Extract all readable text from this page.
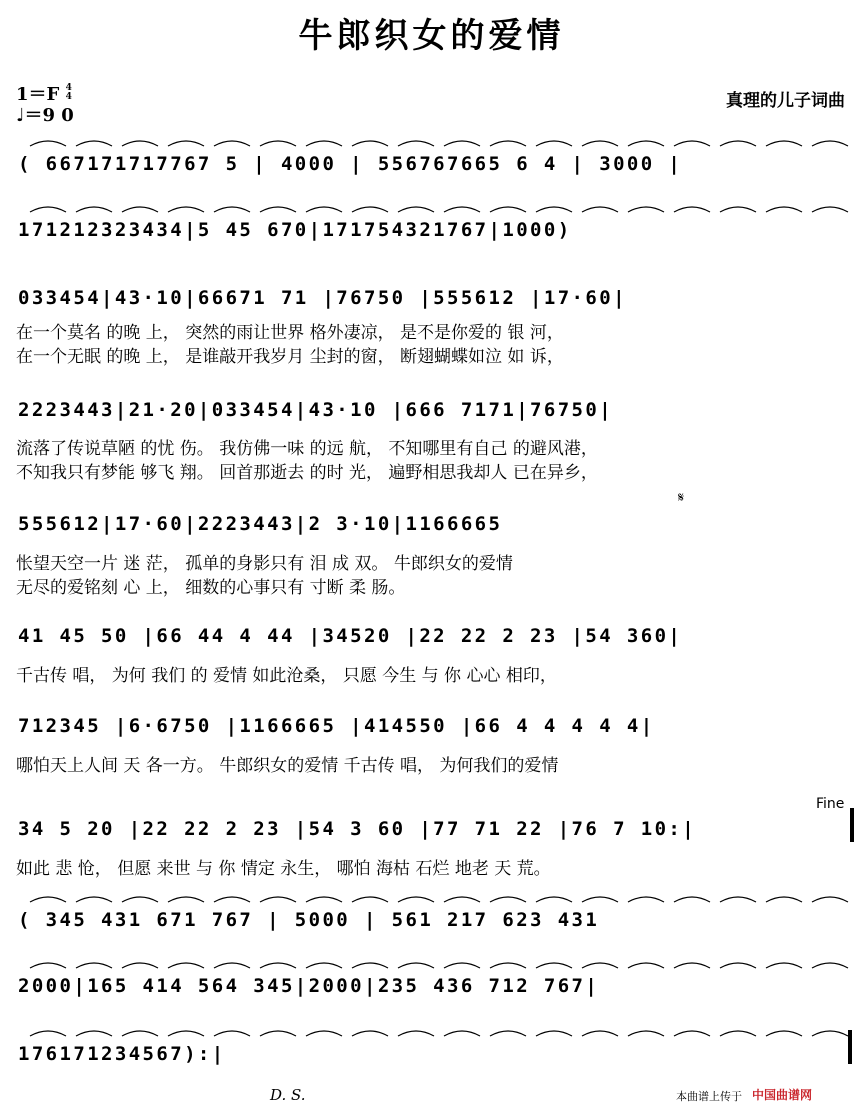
牛郎织女的爱情
1＝F 4
4
♩＝9 0
真理的儿子词曲
( 667171717767 5 | 4000 | 556767665 6 4 | 3000 |
171212323434|5 45 670|171754321767|1000)
033454|43·10|66671 71 |76750 |555612 |17·60|
在一个莫名 的晚 上， 突然的雨让世界 格外凄凉， 是不是你爱的 银 河，
在一个无眠 的晚 上， 是谁敲开我岁月 尘封的窗， 断翅蝴蝶如泣 如 诉，
2223443|21·20|033454|43·10 |666 7171|76750|
流落了传说草陋 的忧 伤。 我仿佛一味 的远 航， 不知哪里有自己 的避风港，
不知我只有梦能 够飞 翔。 回首那逝去 的时 光， 遍野相思我却人 已在异乡，
𝄋
555612|17·60|2223443|2 3·10|1166665
怅望天空一片 迷 茫， 孤单的身影只有 泪 成 双。 牛郎织女的爱情
无尽的爱铭刻 心 上， 细数的心事只有 寸断 柔 肠。
41 45 50 |66 44 4 44 |34520 |22 22 2 23 |54 360|
千古传 唱， 为何 我们 的 爱情 如此沧桑， 只愿 今生 与 你 心心 相印，
712345 |6·6750 |1166665 |414550 |66 4 4 4 4 4|
哪怕天上人间 天 各一方。 牛郎织女的爱情 千古传 唱， 为何我们的爱情
Fine
34 5 20 |22 22 2 23 |54 3 60 |77 71 22 |76 7 10:|
如此 悲 怆， 但愿 来世 与 你 情定 永生， 哪怕 海枯 石烂 地老 天 荒。
( 345 431 671 767 | 5000 | 561 217 623 431
2000|165 414 564 345|2000|235 436 712 767|
176171234567):|
D. S.	本曲谱上传于 中国曲谱网
